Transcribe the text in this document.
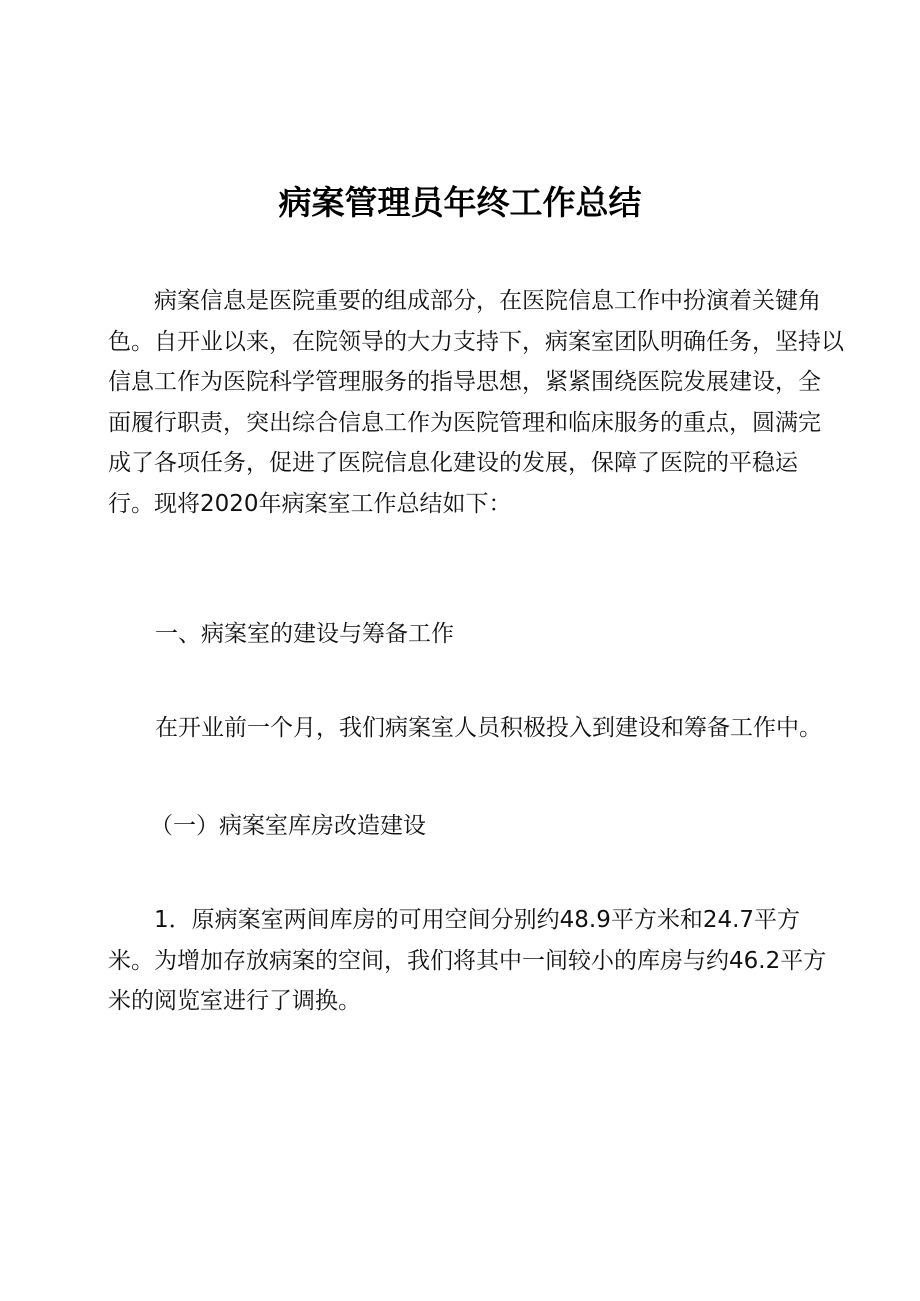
病案管理员年终工作总结
病案信息是医院重要的组成部分，在医院信息工作中扮演着关键角
色。自开业以来，在院领导的大力支持下，病案室团队明确任务，坚持以
信息工作为医院科学管理服务的指导思想，紧紧围绕医院发展建设，全
面履行职责，突出综合信息工作为医院管理和临床服务的重点，圆满完
成了各项任务，促进了医院信息化建设的发展，保障了医院的平稳运
行。现将2020年病案室工作总结如下：
一、病案室的建设与筹备工作
在开业前一个月，我们病案室人员积极投入到建设和筹备工作中。
（一）病案室库房改造建设
1．原病案室两间库房的可用空间分别约48.9平方米和24.7平方
米。为增加存放病案的空间，我们将其中一间较小的库房与约46.2平方
米的阅览室进行了调换。
